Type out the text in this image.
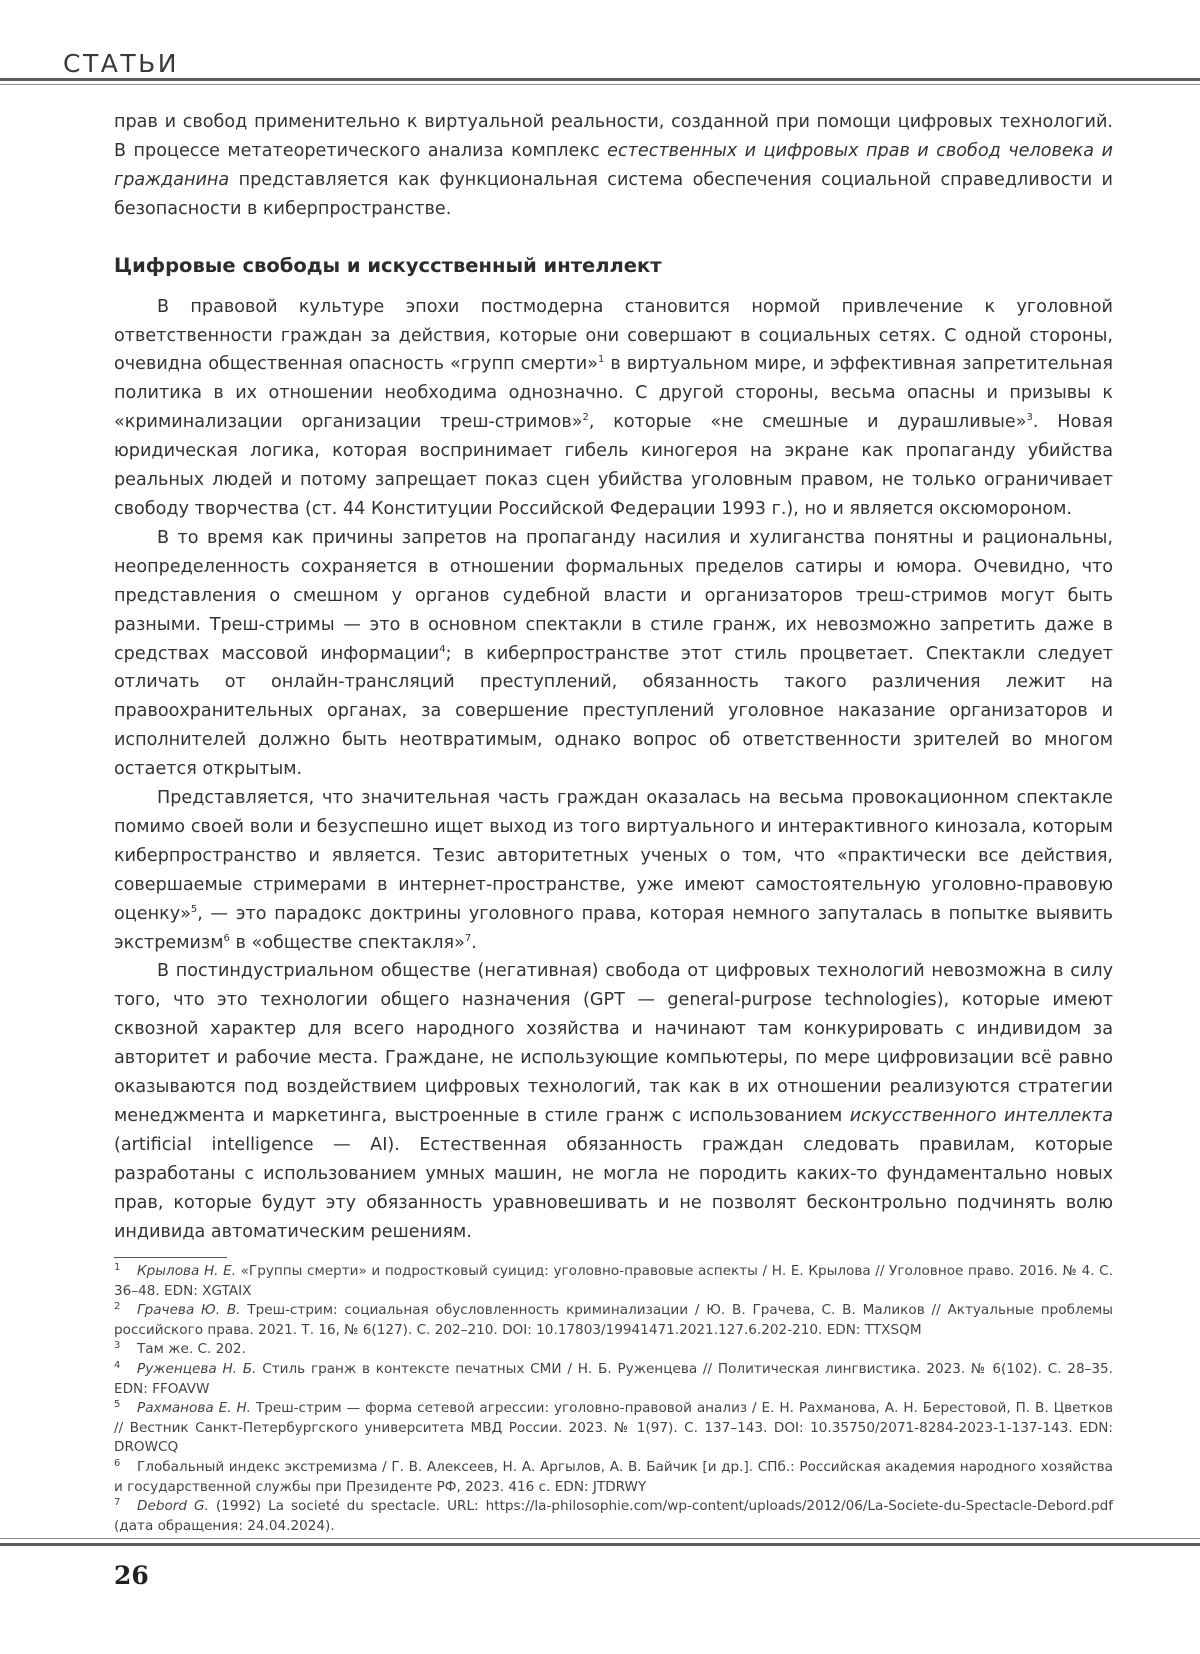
СТАТЬИ

прав и свобод применительно к виртуальной реальности, созданной при помощи цифровых технологий. В процессе метатеоретического анализа комплекс естественных и цифровых прав и свобод человека и гражданина представляется как функциональная система обеспечения социальной справедливости и безопасности в киберпространстве.

Цифровые свободы и искусственный интеллект

В правовой культуре эпохи постмодерна становится нормой привлечение к уголовной ответственности граждан за действия, которые они совершают в социальных сетях. С одной стороны, очевидна общественная опасность «групп смерти»$^1$ в виртуальном мире, и эффективная запретительная политика в их отношении необходима однозначно. С другой стороны, весьма опасны и призывы к «криминализации организации треш-стримов»$^2$, которые «не смешные и дурашливые»$^3$. Новая юридическая логика, которая воспринимает гибель киногероя на экране как пропаганду убийства реальных людей и потому запрещает показ сцен убийства уголовным правом, не только ограничивает свободу творчества (ст. 44 Конституции Российской Федерации 1993 г.), но и является оксюмороном.

В то время как причины запретов на пропаганду насилия и хулиганства понятны и рациональны, неопределенность сохраняется в отношении формальных пределов сатиры и юмора. Очевидно, что представления о смешном у органов судебной власти и организаторов треш-стримов могут быть разными. Треш-стримы — это в основном спектакли в стиле гранж, их невозможно запретить даже в средствах массовой информации$^4$; в киберпространстве этот стиль процветает. Спектакли следует отличать от онлайн-трансляций преступлений, обязанность такого различения лежит на правоохранительных органах, за совершение преступлений уголовное наказание организаторов и исполнителей должно быть неотвратимым, однако вопрос об ответственности зрителей во многом остается открытым.

Представляется, что значительная часть граждан оказалась на весьма провокационном спектакле помимо своей воли и безуспешно ищет выход из того виртуального и интерактивного кинозала, которым киберпространство и является. Тезис авторитетных ученых о том, что «практически все действия, совершаемые стримерами в интернет-пространстве, уже имеют самостоятельную уголовно-правовую оценку»$^5$, — это парадокс доктрины уголовного права, которая немного запуталась в попытке выявить экстремизм$^6$ в «обществе спектакля»$^7$.

В постиндустриальном обществе (негативная) свобода от цифровых технологий невозможна в силу того, что это технологии общего назначения (GPT — general-purpose technologies), которые имеют сквозной характер для всего народного хозяйства и начинают там конкурировать с индивидом за авторитет и рабочие места. Граждане, не использующие компьютеры, по мере цифровизации всё равно оказываются под воздействием цифровых технологий, так как в их отношении реализуются стратегии менеджмента и маркетинга, выстроенные в стиле гранж с использованием искусственного интеллекта (artificial intelligence — AI). Естественная обязанность граждан следовать правилам, которые разработаны с использованием умных машин, не могла не породить каких-то фундаментально новых прав, которые будут эту обязанность уравновешивать и не позволят бесконтрольно подчинять волю индивида автоматическим решениям.

1 Крылова Н. Е. «Группы смерти» и подростковый суицид: уголовно-правовые аспекты / Н. Е. Крылова // Уголовное право. 2016. № 4. С. 36–48. EDN: XGTAIX

2 Грачева Ю. В. Треш-стрим: социальная обусловленность криминализации / Ю. В. Грачева, С. В. Маликов // Актуальные проблемы российского права. 2021. Т. 16, № 6(127). С. 202–210. DOI: 10.17803/19941471.2021.127.6.202-210. EDN: TTXSQM

3 Там же. С. 202.

4 Руженцева Н. Б. Стиль гранж в контексте печатных СМИ / Н. Б. Руженцева // Политическая лингвистика. 2023. № 6(102). С. 28–35. EDN: FFOAVW

5 Рахманова Е. Н. Треш-стрим — форма сетевой агрессии: уголовно-правовой анализ / Е. Н. Рахманова, А. Н. Берестовой, П. В. Цветков // Вестник Санкт-Петербургского университета МВД России. 2023. № 1(97). С. 137–143. DOI: 10.35750/2071-8284-2023-1-137-143. EDN: DROWCQ

6 Глобальный индекс экстремизма / Г. В. Алексеев, Н. А. Аргылов, А. В. Байчик [и др.]. СПб.: Российская академия народного хозяйства и государственной службы при Президенте РФ, 2023. 416 с. EDN: JTDRWY

7 Debord G. (1992) La societé du spectacle. URL: https://la-philosophie.com/wp-content/uploads/2012/06/La-Societe-du-Spectacle-Debord.pdf (дата обращения: 24.04.2024).

26
